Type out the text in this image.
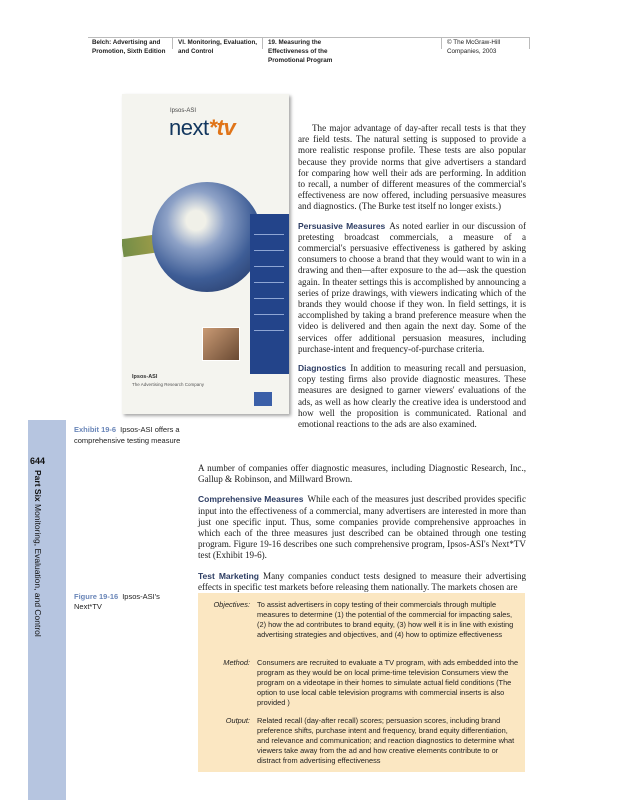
Belch: Advertising and
Promotion, Sixth Edition
VI. Monitoring, Evaluation,
and Control
19. Measuring the
Effectiveness of the
Promotional Program
© The McGraw-Hill
Companies, 2003
644
Part Six Monitoring, Evaluation, and Control
Ipsos-ASI
next*tv
Ipsos-ASI
The Advertising Research Company
Exhibit 19-6 Ipsos-ASI offers a comprehensive testing measure

The major advantage of day-after recall tests is that they are field tests. The natural setting is supposed to provide a more realistic response profile. These tests are also popular because they provide norms that give advertisers a standard for comparing how well their ads are performing. In addition to recall, a number of different measures of the commercial's effectiveness are now offered, including persuasive measures and diagnostics. (The Burke test itself no longer exists.)

Persuasive Measures As noted earlier in our discussion of pretesting broadcast commercials, a measure of a commercial's persuasive effectiveness is gathered by asking consumers to choose a brand that they would want to win in a drawing and then—after exposure to the ad—ask the question again. In theater settings this is accomplished by announcing a series of prize drawings, with viewers indicating which of the brands they would choose if they won. In field settings, it is accomplished by taking a brand preference measure when the video is delivered and then again the next day. Some of the services offer additional persuasion measures, including purchase-intent and frequency-of-purchase criteria.

Diagnostics In addition to measuring recall and persuasion, copy testing firms also provide diagnostic measures. These measures are designed to garner viewers' evaluations of the ads, as well as how clearly the creative idea is understood and how well the proposition is communicated. Rational and emotional reactions to the ads are also examined.

A number of companies offer diagnostic measures, including Diagnostic Research, Inc., Gallup & Robinson, and Millward Brown.

Comprehensive Measures While each of the measures just described provides specific input into the effectiveness of a commercial, many advertisers are interested in more than just one specific input. Thus, some companies provide comprehensive approaches in which each of the three measures just described can be obtained through one testing program. Figure 19-16 describes one such comprehensive program, Ipsos-ASI's Next*TV test (Exhibit 19-6).

Test Marketing Many companies conduct tests designed to measure their advertising effects in specific test markets before releasing them nationally. The markets chosen are

Figure 19-16 Ipsos-ASI's Next*TV	Objectives: To assist advertisers in copy testing of their commercials through multiple measures to determine (1) the potential of the commercial for impacting sales, (2) how the ad contributes to brand equity, (3) how well it is in line with existing advertising strategies and objectives, and (4) how to optimize effectiveness
Method: Consumers are recruited to evaluate a TV program, with ads embedded into the program as they would be on local prime-time television Consumers view the program on a videotape in their homes to simulate actual field conditions (The option to use local cable television programs with commercial inserts is also provided )
Output: Related recall (day-after recall) scores; persuasion scores, including brand preference shifts, purchase intent and frequency, brand equity differentiation, and relevance and communication; and reaction diagnostics to determine what viewers take away from the ad and how creative elements contribute to or distract from advertising effectiveness
